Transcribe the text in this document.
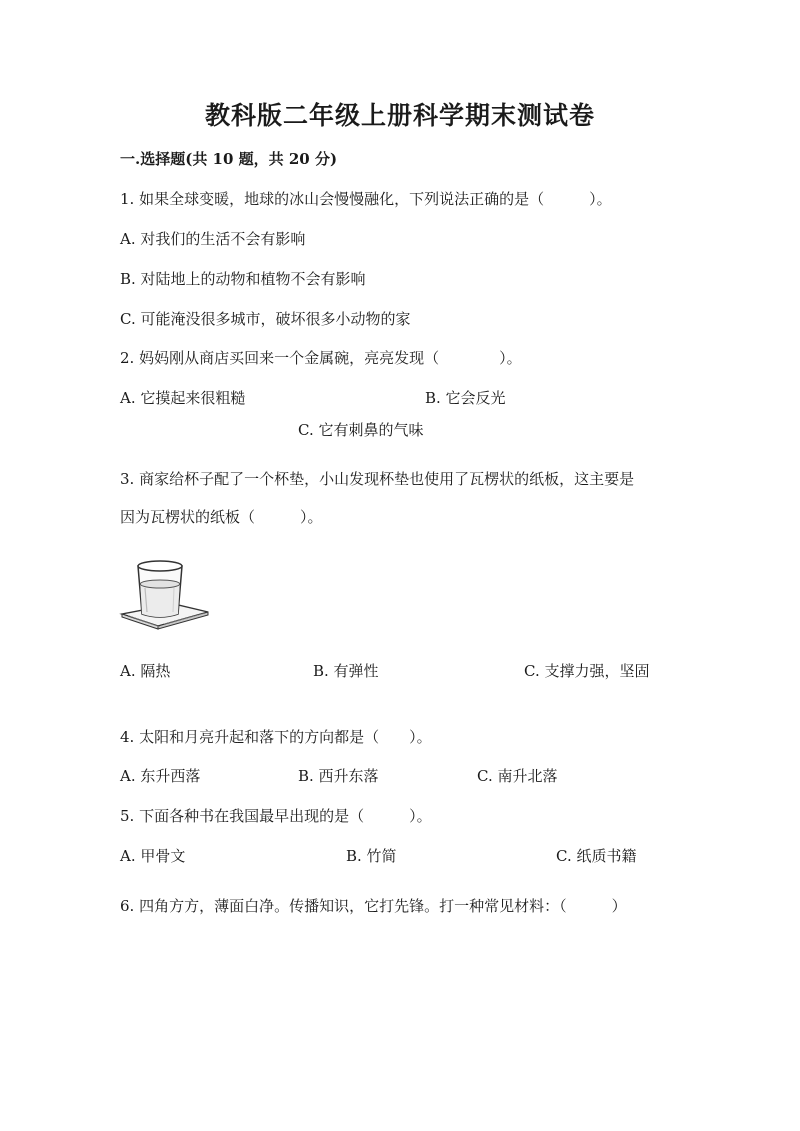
教科版二年级上册科学期末测试卷
一.选择题(共 10 题，共 20 分)
1. 如果全球变暖，地球的冰山会慢慢融化，下列说法正确的是（　　　）。
A. 对我们的生活不会有影响
B. 对陆地上的动物和植物不会有影响
C. 可能淹没很多城市，破坏很多小动物的家
2. 妈妈刚从商店买回来一个金属碗，亮亮发现（　　　　）。
A. 它摸起来很粗糙	B. 它会反光
C. 它有刺鼻的气味
3. 商家给杯子配了一个杯垫，小山发现杯垫也使用了瓦楞状的纸板，这主要是
因为瓦楞状的纸板（　　　）。
A. 隔热	B. 有弹性	C. 支撑力强，坚固
4. 太阳和月亮升起和落下的方向都是（　　）。
A. 东升西落	B. 西升东落	C. 南升北落
5. 下面各种书在我国最早出现的是（　　　）。
A. 甲骨文	B. 竹简	C. 纸质书籍
6. 四角方方，薄面白净。传播知识，它打先锋。打一种常见材料：（　　　）
